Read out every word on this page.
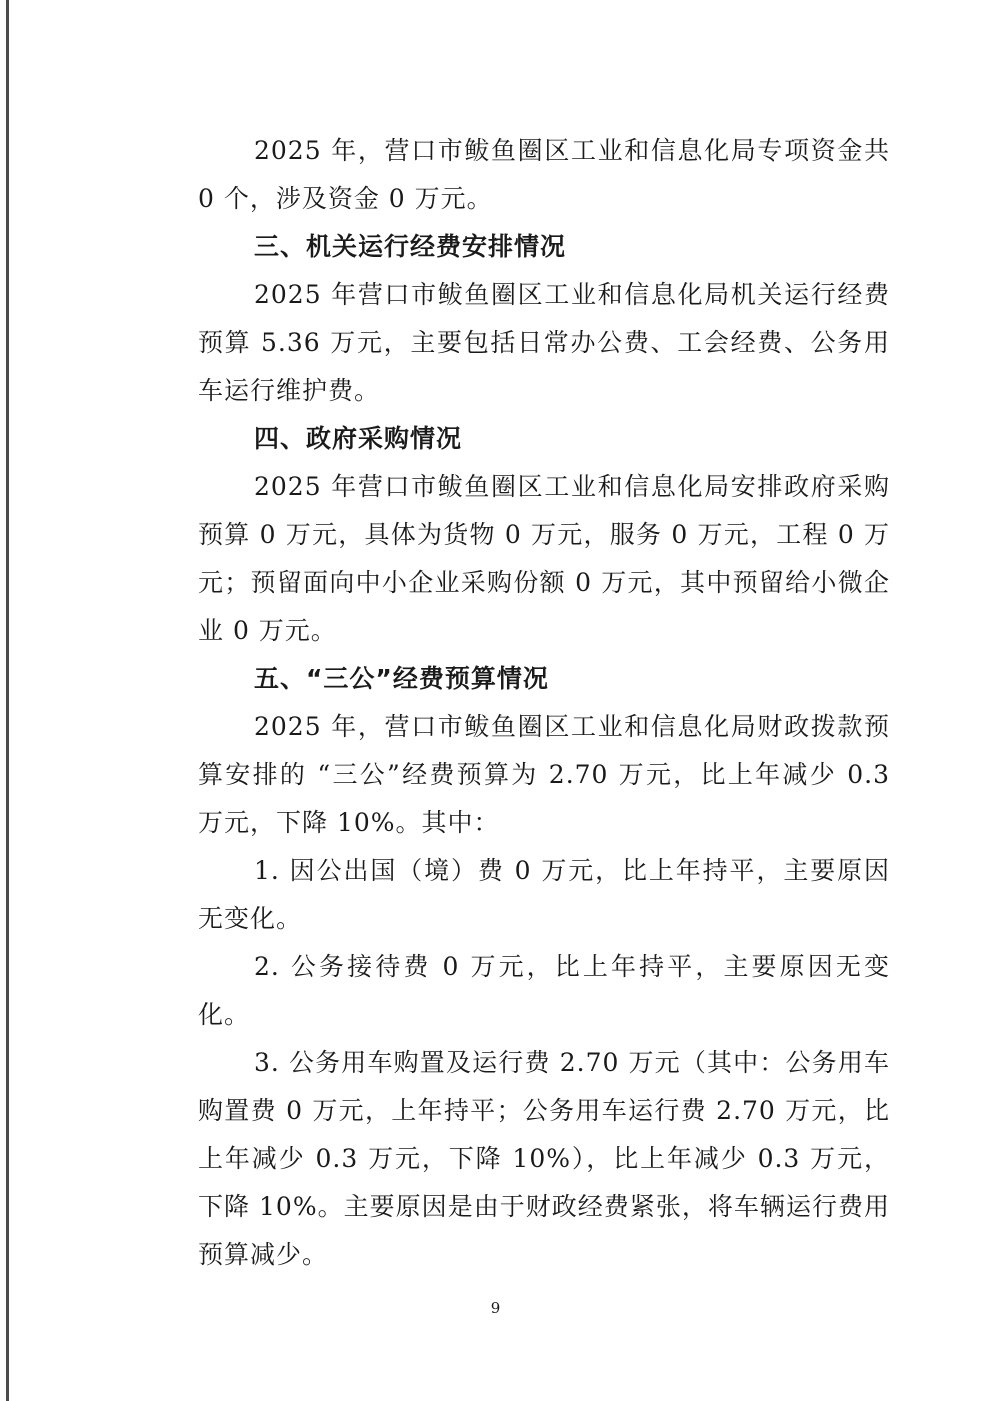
2025 年，营口市鲅鱼圈区工业和信息化局专项资金共 0 个，涉及资金 0 万元。

三、机关运行经费安排情况

2025 年营口市鲅鱼圈区工业和信息化局机关运行经费预算 5.36 万元，主要包括日常办公费、工会经费、公务用车运行维护费。

四、政府采购情况

2025 年营口市鲅鱼圈区工业和信息化局安排政府采购预算 0 万元，具体为货物 0 万元，服务 0 万元，工程 0 万元；预留面向中小企业采购份额 0 万元，其中预留给小微企业 0 万元。

五、“三公”经费预算情况

2025 年，营口市鲅鱼圈区工业和信息化局财政拨款预算安排的 “三公”经费预算为 2.70 万元，比上年减少 0.3 万元，下降 10%。其中：

1. 因公出国（境）费 0 万元，比上年持平，主要原因无变化。

2. 公务接待费 0 万元，比上年持平，主要原因无变化。

3. 公务用车购置及运行费 2.70 万元（其中：公务用车购置费 0 万元，上年持平；公务用车运行费 2.70 万元，比上年减少 0.3 万元，下降 10%），比上年减少 0.3 万元，下降 10%。主要原因是由于财政经费紧张，将车辆运行费用预算减少。

9
